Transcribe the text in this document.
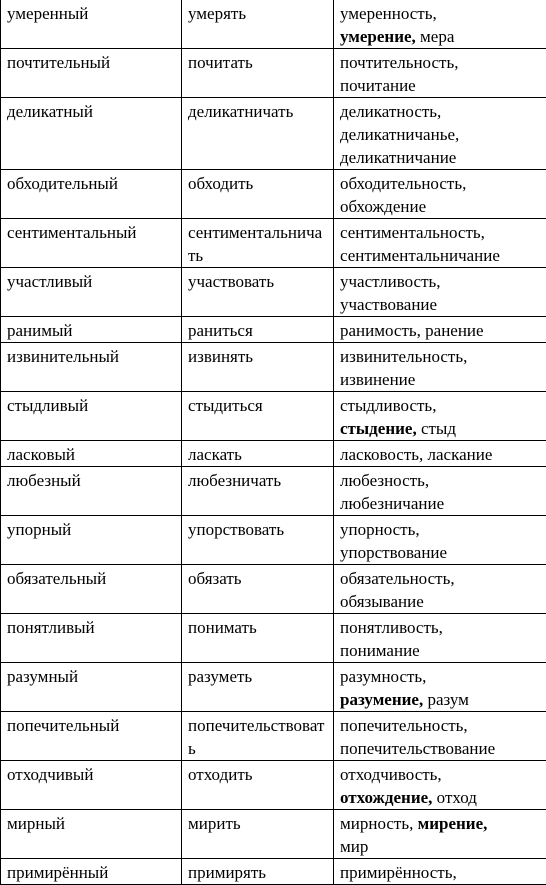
умеренный	умерять	умеренность,
умерение, мера
почтительный	почитать	почтительность,
почитание
деликатный	деликатничать	деликатность,
деликатничанье,
деликатничание
обходительный	обходить	обходительность,
обхождение
сентиментальный	сентиментальничать	сентиментальность,
сентиментальничание
участливый	участвовать	участливость,
участвование
ранимый	раниться	ранимость, ранение
извинительный	извинять	извинительность,
извинение
стыдливый	стыдиться	стыдливость,
стыдение, стыд
ласковый	ласкать	ласковость, ласкание
любезный	любезничать	любезность,
любезничание
упорный	упорствовать	упорность,
упорствование
обязательный	обязать	обязательность,
обязывание
понятливый	понимать	понятливость,
понимание
разумный	разуметь	разумность,
разумение, разум
попечительный	попечительствовать	попечительность,
попечительствование
отходчивый	отходить	отходчивость,
отхождение, отход
мирный	мирить	мирность, мирение,
мир
примирённый	примирять	примирённость,
